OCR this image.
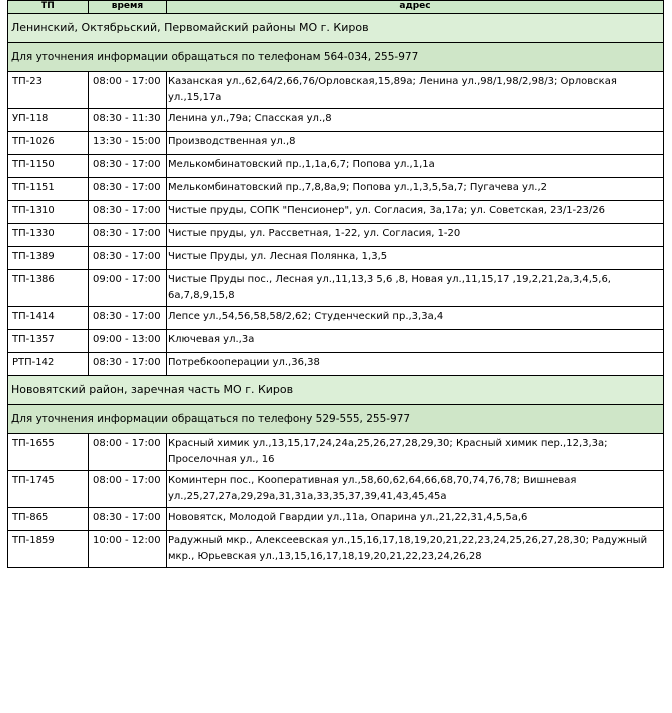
ТП	время	адрес
Ленинский, Октябрьский, Первомайский районы МО г. Киров		
Для уточнения информации обращаться по телефонам 564-034, 255-977		
ТП-23	08:00 - 17:00	Казанская ул.,62,64/2,66,76/Орловская,15,89а; Ленина ул.,98/1,98/2,98/3; Орловская ул.,15,17а
УП-118	08:30 - 11:30	Ленина ул.,79а; Спасская ул.,8
ТП-1026	13:30 - 15:00	Производственная ул.,8
ТП-1150	08:30 - 17:00	Мелькомбинатовский пр.,1,1а,6,7; Попова ул.,1,1а
ТП-1151	08:30 - 17:00	Мелькомбинатовский пр.,7,8,8а,9; Попова ул.,1,3,5,5а,7; Пугачева ул.,2
ТП-1310	08:30 - 17:00	Чистые пруды, СОПК "Пенсионер", ул. Согласия, 3а,17а; ул. Советская, 23/1-23/26
ТП-1330	08:30 - 17:00	Чистые пруды, ул. Рассветная, 1-22, ул. Согласия, 1-20
ТП-1389	08:30 - 17:00	Чистые Пруды, ул. Лесная Полянка, 1,3,5
ТП-1386	09:00 - 17:00	Чистые Пруды пос., Лесная ул.,11,13,3 5,6 ,8, Новая ул.,11,15,17 ,19,2,21,2а,3,4,5,6, 6а,7,8,9,15,8
ТП-1414	08:30 - 17:00	Лепсе ул.,54,56,58,58/2,62; Студенческий пр.,3,3а,4
ТП-1357	09:00 - 13:00	Ключевая ул.,3а
РТП-142	08:30 - 17:00	Потребкооперации ул.,36,38
Нововятский район, заречная часть МО г. Киров		
Для уточнения информации обращаться по телефону 529-555, 255-977		
ТП-1655	08:00 - 17:00	Красный химик ул.,13,15,17,24,24а,25,26,27,28,29,30; Красный химик пер.,12,3,3а; Проселочная ул., 16
ТП-1745	08:00 - 17:00	Коминтерн пос., Кооперативная ул.,58,60,62,64,66,68,70,74,76,78; Вишневая ул.,25,27,27а,29,29а,31,31а,33,35,37,39,41,43,45,45а
ТП-865	08:30 - 17:00	Нововятск, Молодой Гвардии ул.,11а, Опарина ул.,21,22,31,4,5,5а,6
ТП-1859	10:00 - 12:00	Радужный мкр., Алексеевская ул.,15,16,17,18,19,20,21,22,23,24,25,26,27,28,30; Радужный мкр., Юрьевская ул.,13,15,16,17,18,19,20,21,22,23,24,26,28
